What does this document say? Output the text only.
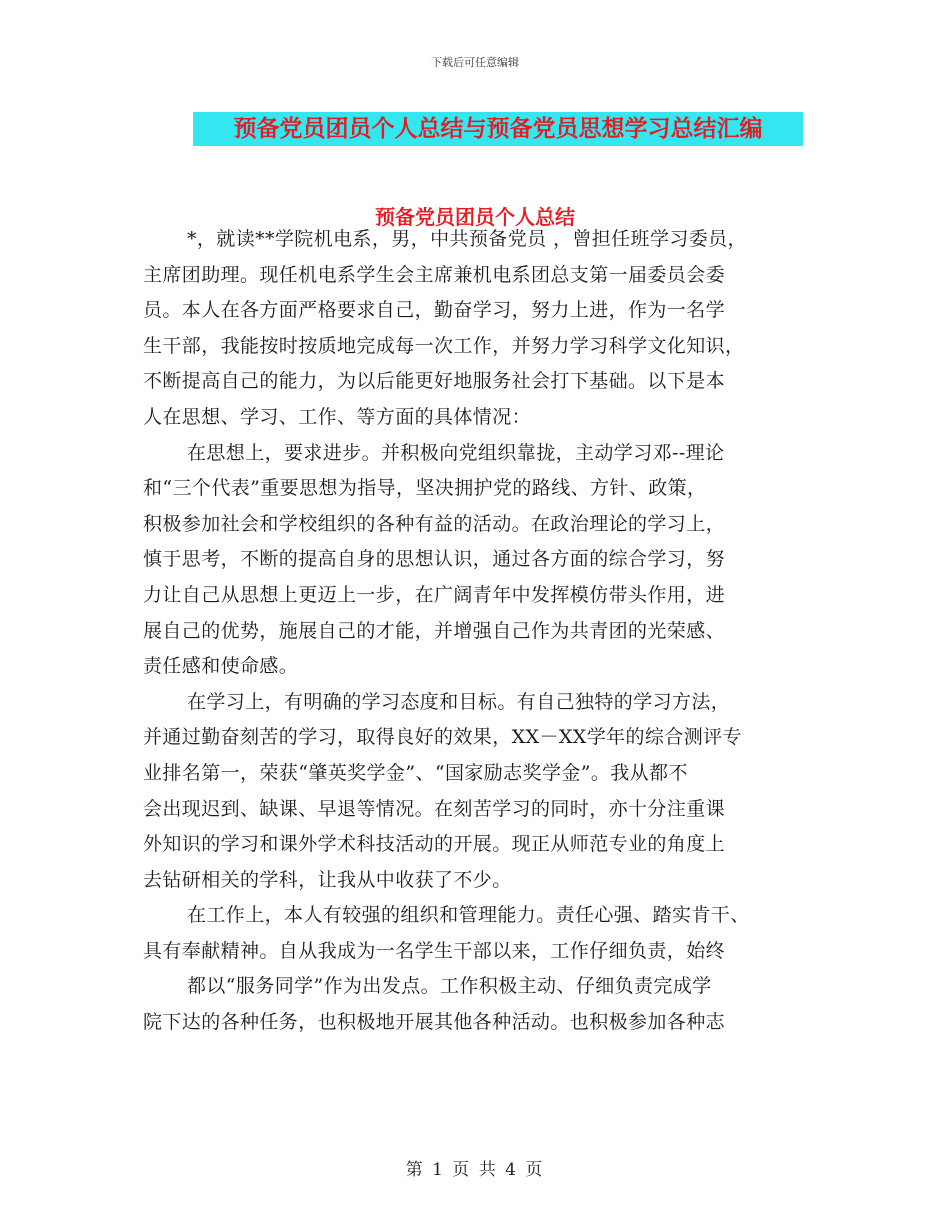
下载后可任意编辑
预备党员团员个人总结与预备党员思想学习总结汇编
预备党员团员个人总结
*，就读**学院机电系，男，中共预备党员 ，曾担任班学习委员，
主席团助理。现任机电系学生会主席兼机电系团总支第一届委员会委
员。本人在各方面严格要求自己，勤奋学习，努力上进，作为一名学
生干部，我能按时按质地完成每一次工作，并努力学习科学文化知识，
不断提高自己的能力，为以后能更好地服务社会打下基础。以下是本
人在思想、学习、工作、等方面的具体情况：
在思想上，要求进步。并积极向党组织靠拢，主动学习邓--理论
和“三个代表”重要思想为指导，坚决拥护党的路线、方针、政策，
积极参加社会和学校组织的各种有益的活动。在政治理论的学习上，
慎于思考，不断的提高自身的思想认识，通过各方面的综合学习，努
力让自己从思想上更迈上一步，在广阔青年中发挥模仿带头作用，进
展自己的优势，施展自己的才能，并增强自己作为共青团的光荣感、
责任感和使命感。
在学习上，有明确的学习态度和目标。有自己独特的学习方法，
并通过勤奋刻苦的学习，取得良好的效果，XX－XX学年的综合测评专
业排名第一，荣获“肇英奖学金”、“国家励志奖学金”。我从都不
会出现迟到、缺课、早退等情况。在刻苦学习的同时，亦十分注重课
外知识的学习和课外学术科技活动的开展。现正从师范专业的角度上
去钻研相关的学科，让我从中收获了不少。
在工作上，本人有较强的组织和管理能力。责任心强、踏实肯干、
具有奉献精神。自从我成为一名学生干部以来，工作仔细负责，始终
都以“服务同学”作为出发点。工作积极主动、仔细负责完成学
院下达的各种任务，也积极地开展其他各种活动。也积极参加各种志
第 1 页 共 4 页
